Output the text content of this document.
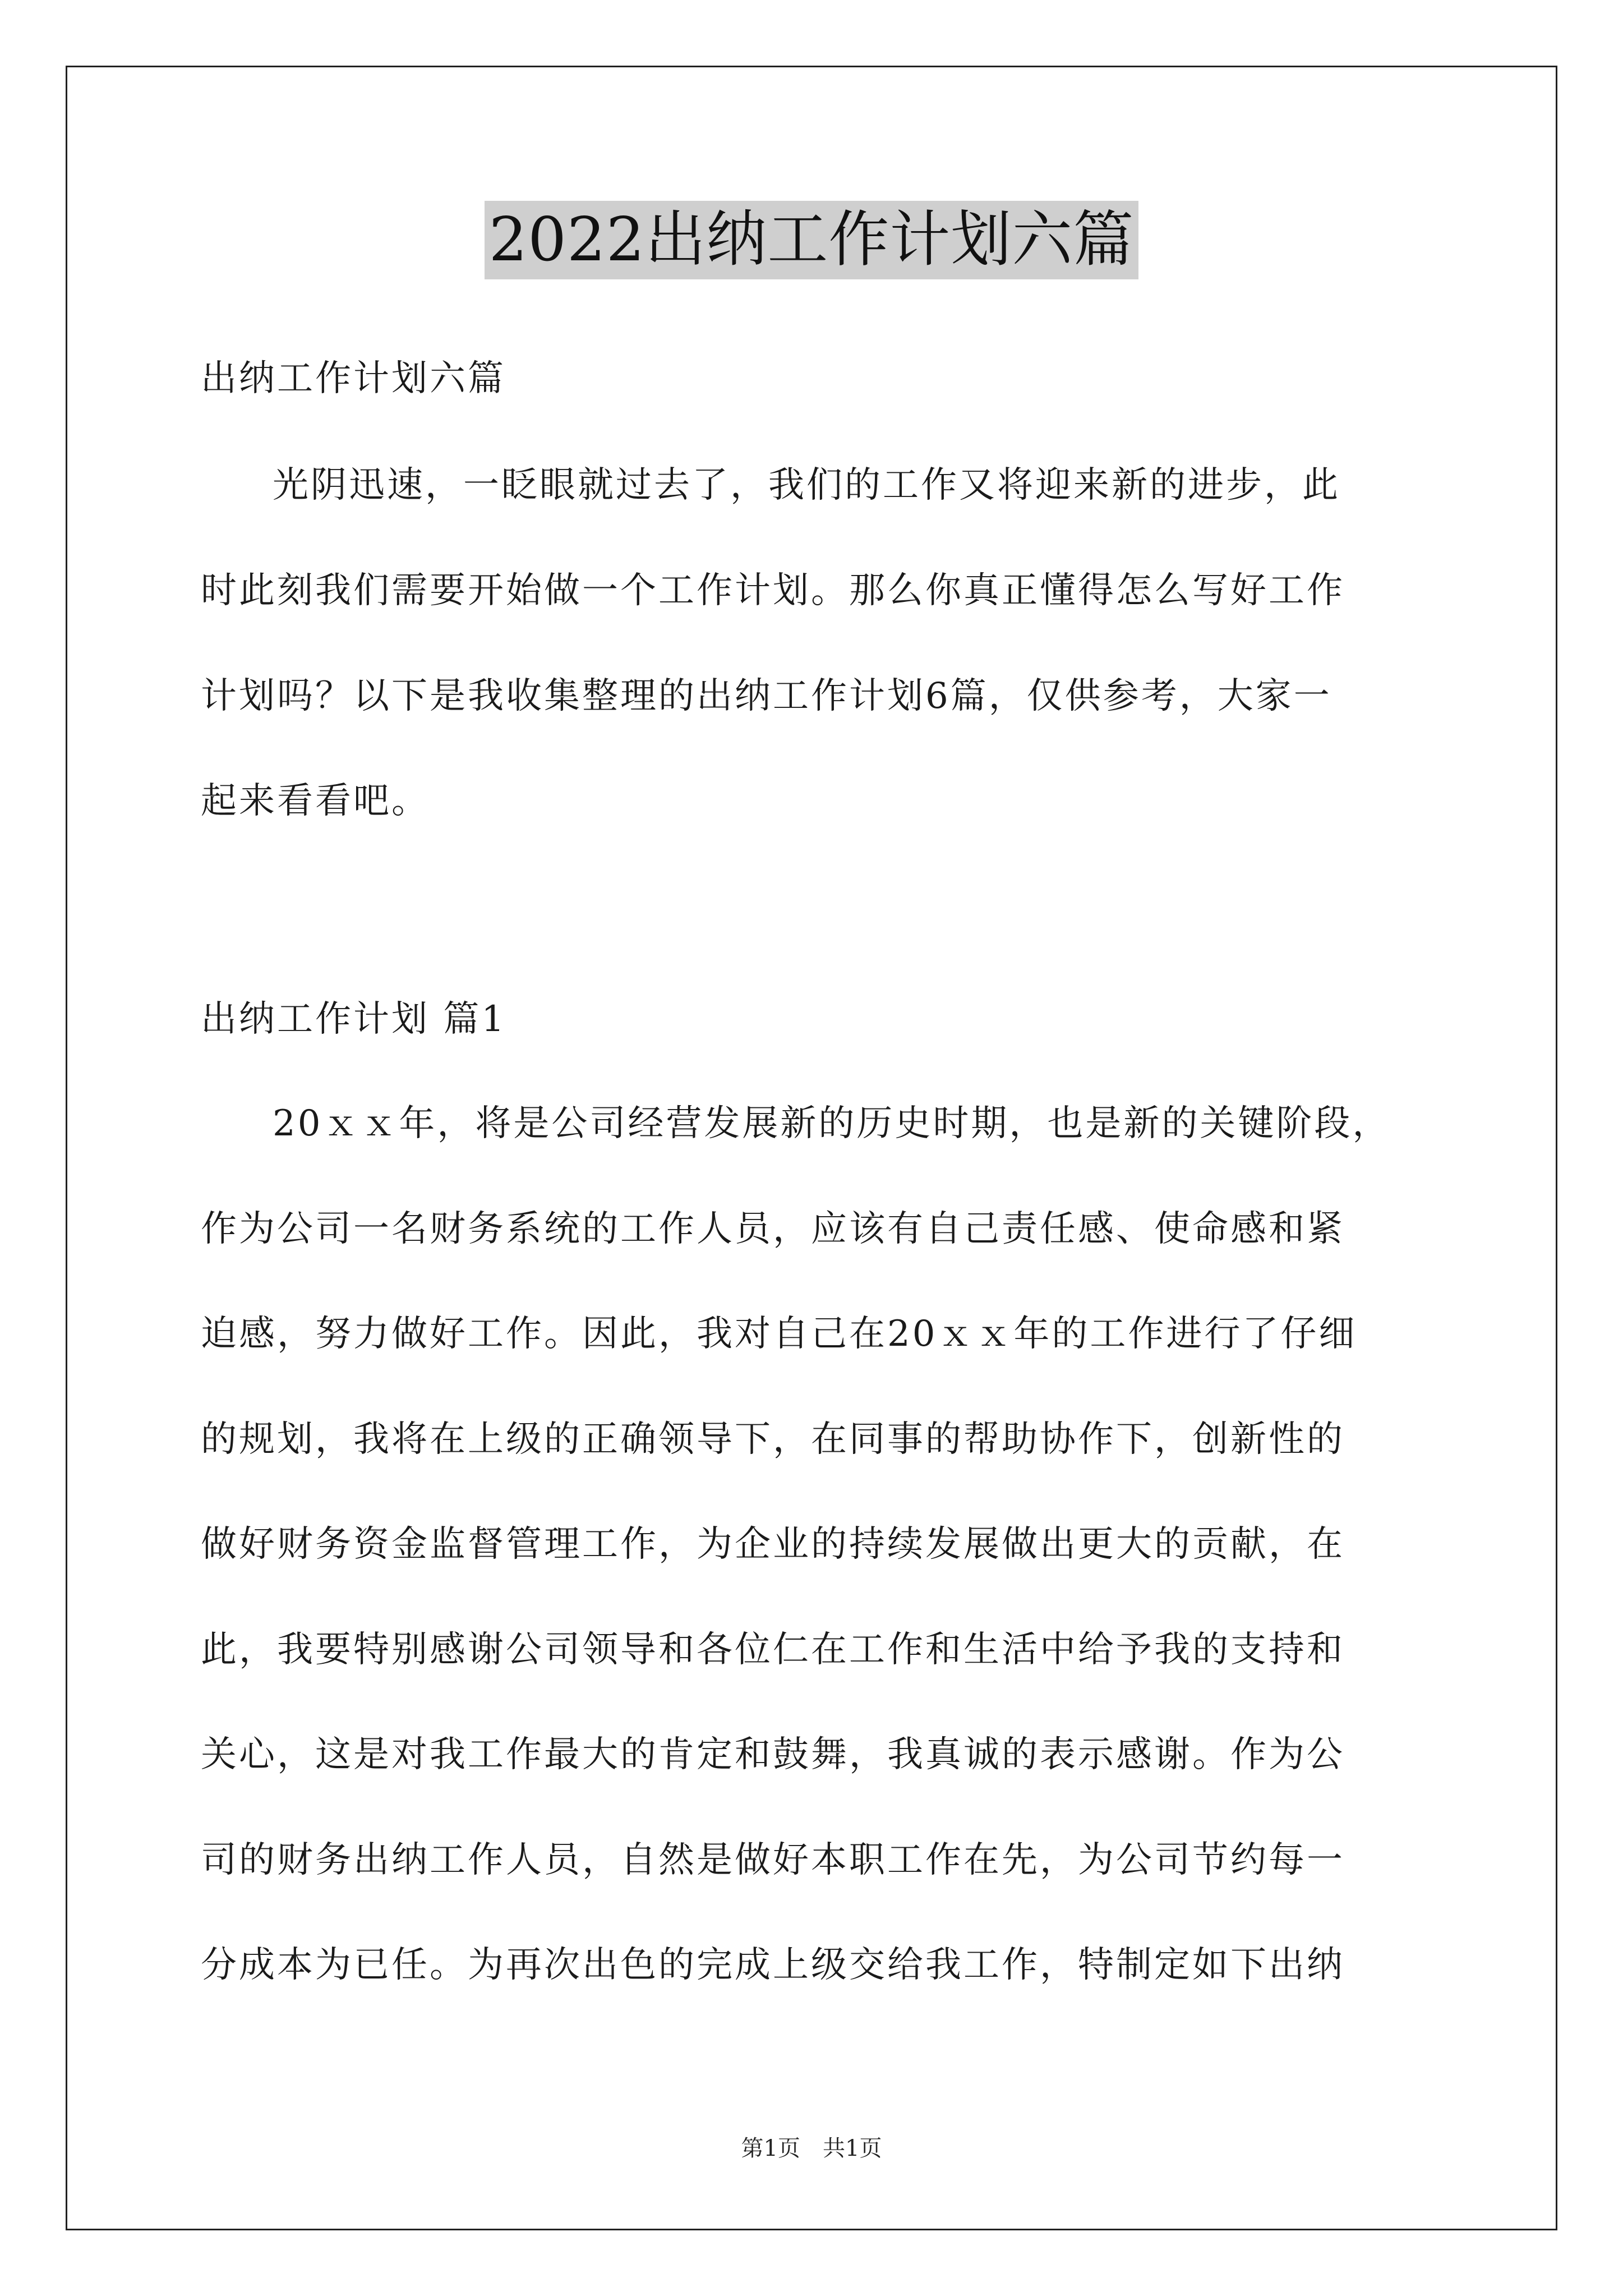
2022出纳工作计划六篇
出纳工作计划六篇
光阴迅速，一眨眼就过去了，我们的工作又将迎来新的进步，此
时此刻我们需要开始做一个工作计划。那么你真正懂得怎么写好工作
计划吗？以下是我收集整理的出纳工作计划6篇，仅供参考，大家一
起来看看吧。
出纳工作计划 篇1
20ｘｘ年，将是公司经营发展新的历史时期，也是新的关键阶段，
作为公司一名财务系统的工作人员，应该有自己责任感、使命感和紧
迫感，努力做好工作。因此，我对自己在20ｘｘ年的工作进行了仔细
的规划，我将在上级的正确领导下，在同事的帮助协作下，创新性的
做好财务资金监督管理工作，为企业的持续发展做出更大的贡献，在
此，我要特别感谢公司领导和各位仁在工作和生活中给予我的支持和
关心，这是对我工作最大的肯定和鼓舞，我真诚的表示感谢。作为公
司的财务出纳工作人员，自然是做好本职工作在先，为公司节约每一
分成本为已任。为再次出色的完成上级交给我工作，特制定如下出纳
第1页　共1页
